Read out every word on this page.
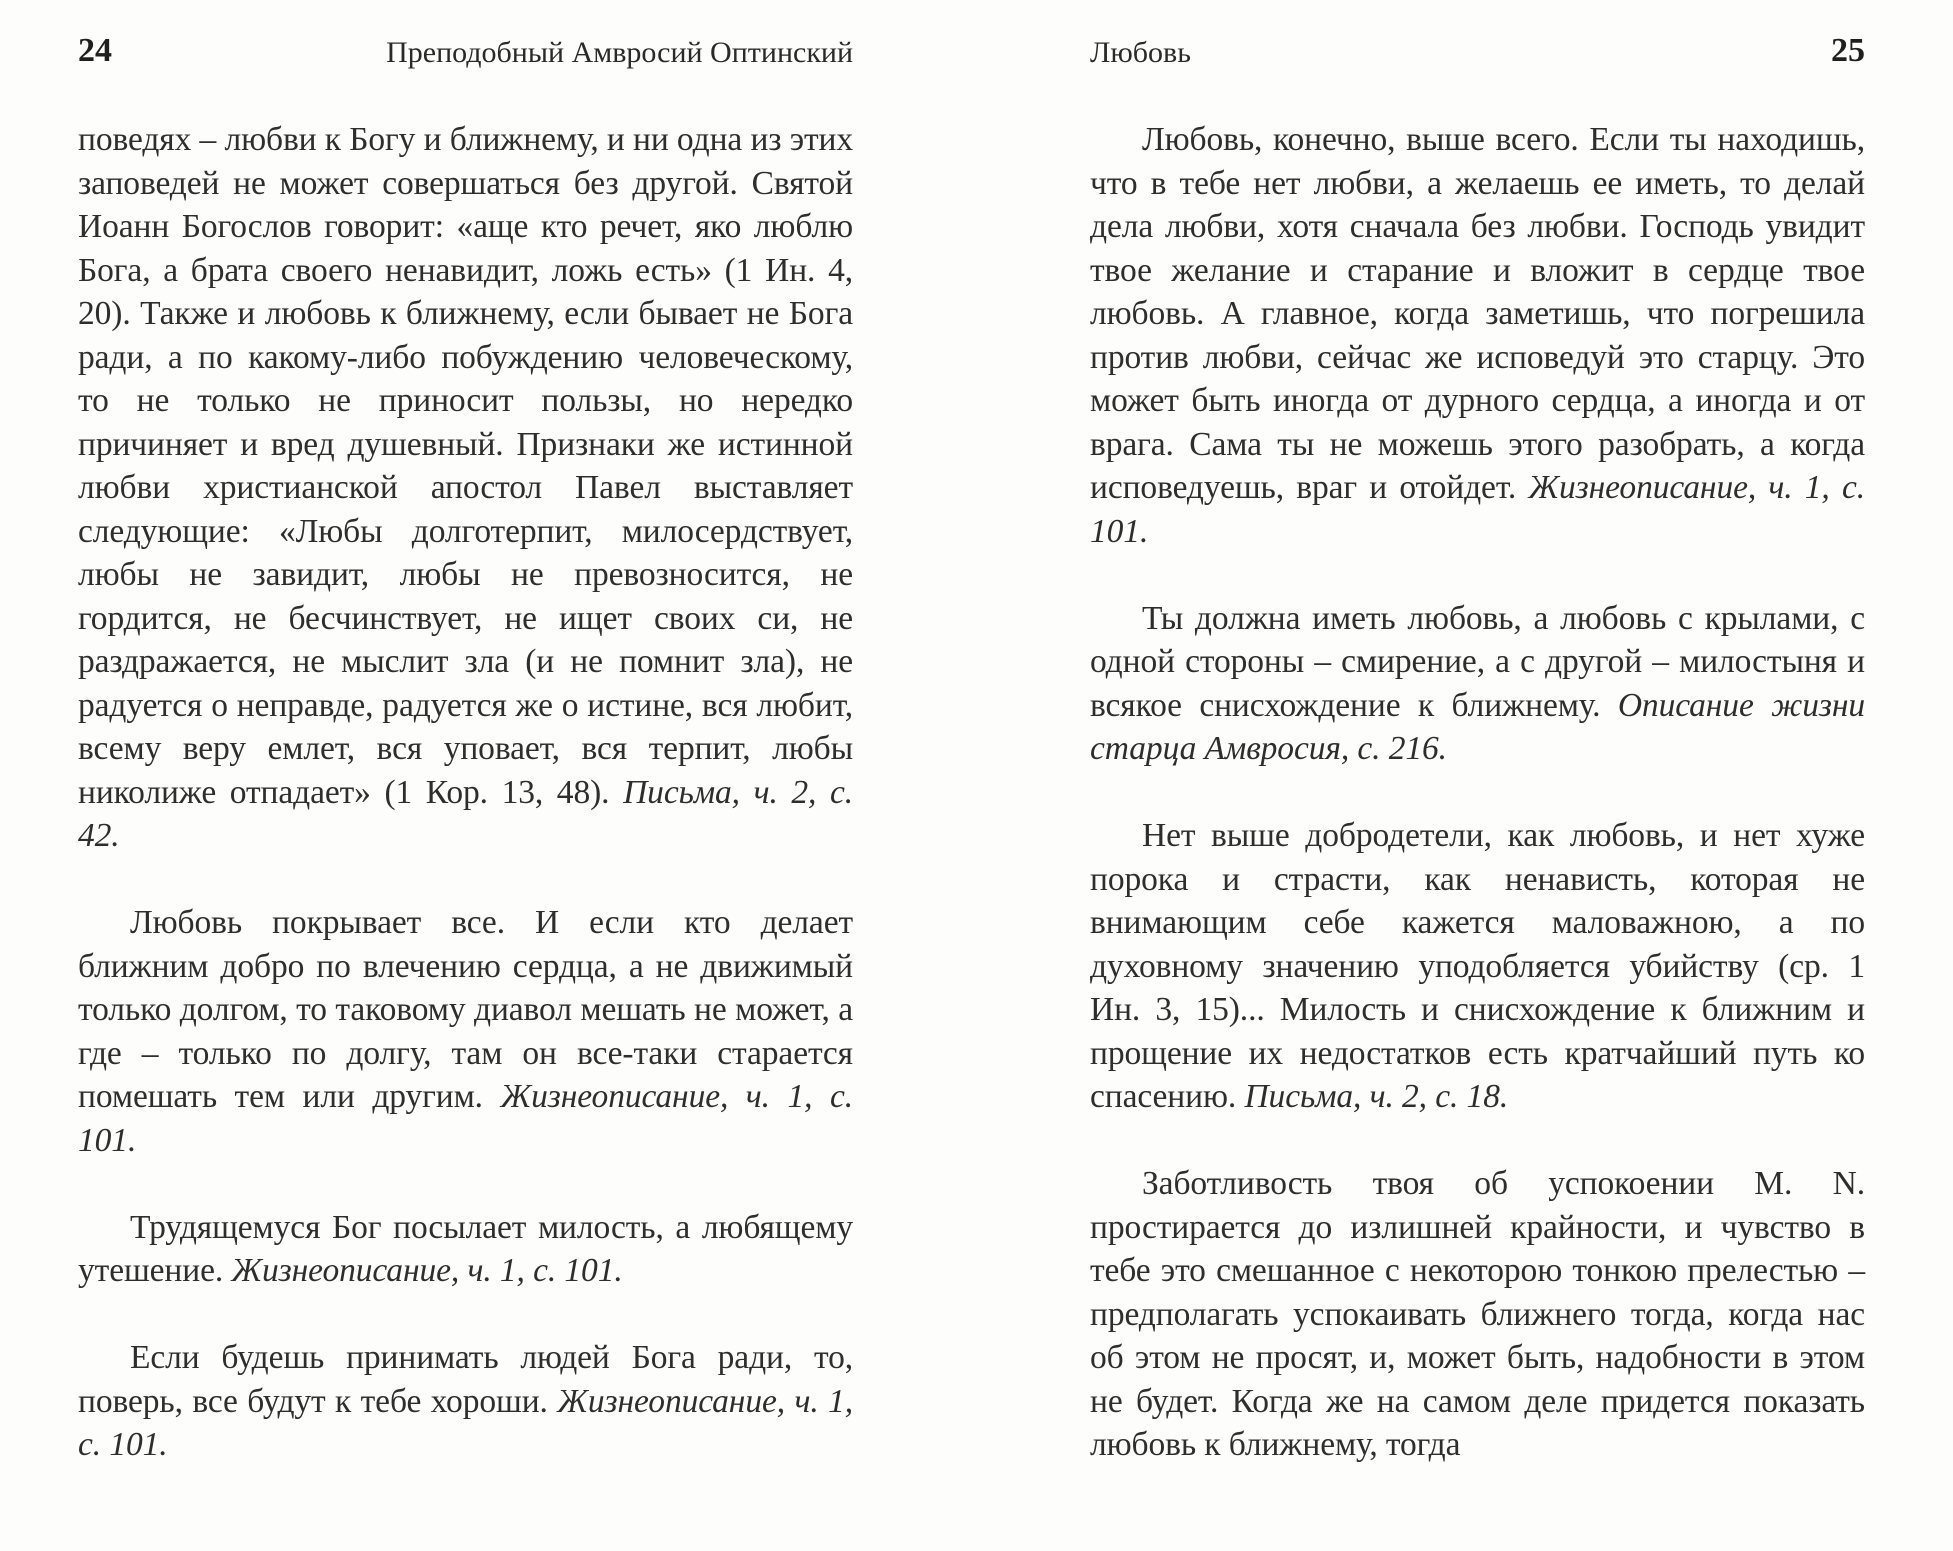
24	Преподобный Амвросий Оптинский

поведях – любви к Богу и ближнему, и ни одна из этих заповедей не может совершаться без другой. Святой Иоанн Богослов говорит: «аще кто речет, яко люблю Бога, а брата своего ненавидит, ложь есть» (1 Ин. 4, 20). Также и любовь к ближнему, если бывает не Бога ради, а по какому-либо побуждению человеческому, то не только не приносит пользы, но нередко причиняет и вред душевный. Признаки же истинной любви христианской апостол Павел выставляет следующие: «Любы долготерпит, милосердствует, любы не завидит, любы не превозносится, не гордится, не бесчинствует, не ищет своих си, не раздражается, не мыслит зла (и не помнит зла), не радуется о неправде, радуется же о истине, вся любит, всему веру емлет, вся уповает, вся терпит, любы николиже отпадает» (1 Кор. 13, 48). Письма, ч. 2, с. 42.

Любовь покрывает все. И если кто делает ближним добро по влечению сердца, а не движимый только долгом, то таковому диавол мешать не может, а где – только по долгу, там он все-таки старается помешать тем или другим. Жизнеописание, ч. 1, с. 101.

Трудящемуся Бог посылает милость, а любящему утешение. Жизнеописание, ч. 1, с. 101.

Если будешь принимать людей Бога ради, то, поверь, все будут к тебе хороши. Жизнеописание, ч. 1, с. 101.

Любовь	25

Любовь, конечно, выше всего. Если ты находишь, что в тебе нет любви, а желаешь ее иметь, то делай дела любви, хотя сначала без любви. Господь увидит твое желание и старание и вложит в сердце твое любовь. А главное, когда заметишь, что погрешила против любви, сейчас же исповедуй это старцу. Это может быть иногда от дурного сердца, а иногда и от врага. Сама ты не можешь этого разобрать, а когда исповедуешь, враг и отойдет. Жизнеописание, ч. 1, с. 101.

Ты должна иметь любовь, а любовь с крылами, с одной стороны – смирение, а с другой – милостыня и всякое снисхождение к ближнему. Описание жизни старца Амвросия, с. 216.

Нет выше добродетели, как любовь, и нет хуже порока и страсти, как ненависть, которая не внимающим себе кажется маловажною, а по духовному значению уподобляется убийству (ср. 1 Ин. 3, 15)... Милость и снисхождение к ближним и прощение их недостатков есть кратчайший путь ко спасению. Письма, ч. 2, с. 18.

Заботливость твоя об успокоении M. N. простирается до излишней крайности, и чувство в тебе это смешанное с некоторою тонкою прелестью – предполагать успокаивать ближнего тогда, когда нас об этом не просят, и, может быть, надобности в этом не будет. Когда же на самом деле придется показать любовь к ближнему, тогда
